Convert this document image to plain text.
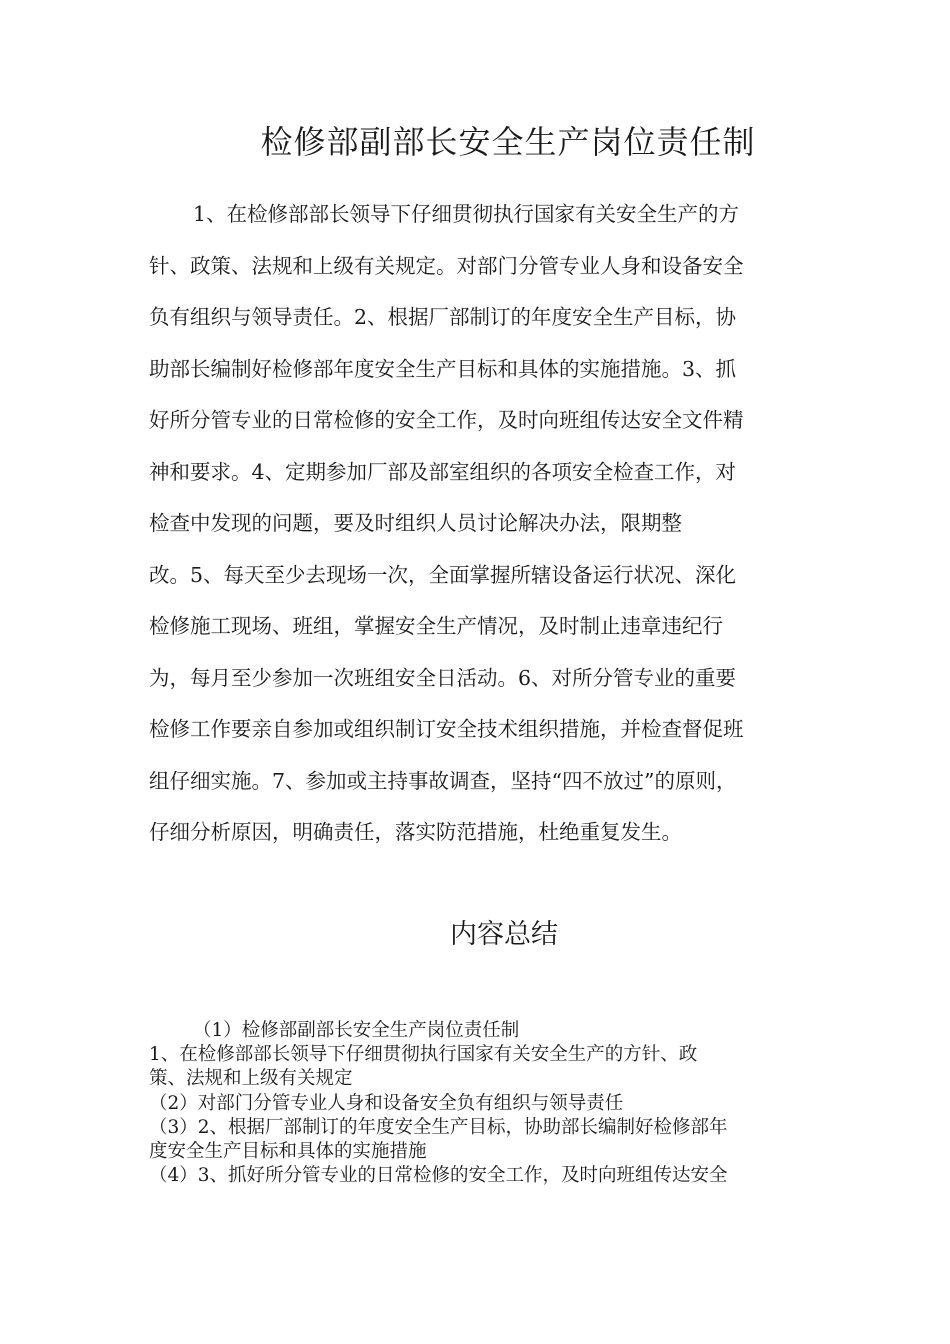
检修部副部长安全生产岗位责任制
1、在检修部部长领导下仔细贯彻执行国家有关安全生产的方
针、政策、法规和上级有关规定。对部门分管专业人身和设备安全
负有组织与领导责任。2、根据厂部制订的年度安全生产目标，协
助部长编制好检修部年度安全生产目标和具体的实施措施。3、抓
好所分管专业的日常检修的安全工作，及时向班组传达安全文件精
神和要求。4、定期参加厂部及部室组织的各项安全检查工作，对
检查中发现的问题，要及时组织人员讨论解决办法，限期整
改。5、每天至少去现场一次，全面掌握所辖设备运行状况、深化
检修施工现场、班组，掌握安全生产情况，及时制止违章违纪行
为，每月至少参加一次班组安全日活动。6、对所分管专业的重要
检修工作要亲自参加或组织制订安全技术组织措施，并检查督促班
组仔细实施。7、参加或主持事故调查，坚持“四不放过”的原则，
仔细分析原因，明确责任，落实防范措施，杜绝重复发生。
内容总结
（1）检修部副部长安全生产岗位责任制
1、在检修部部长领导下仔细贯彻执行国家有关安全生产的方针、政
策、法规和上级有关规定
（2）对部门分管专业人身和设备安全负有组织与领导责任
（3）2、根据厂部制订的年度安全生产目标，协助部长编制好检修部年
度安全生产目标和具体的实施措施
（4）3、抓好所分管专业的日常检修的安全工作，及时向班组传达安全
